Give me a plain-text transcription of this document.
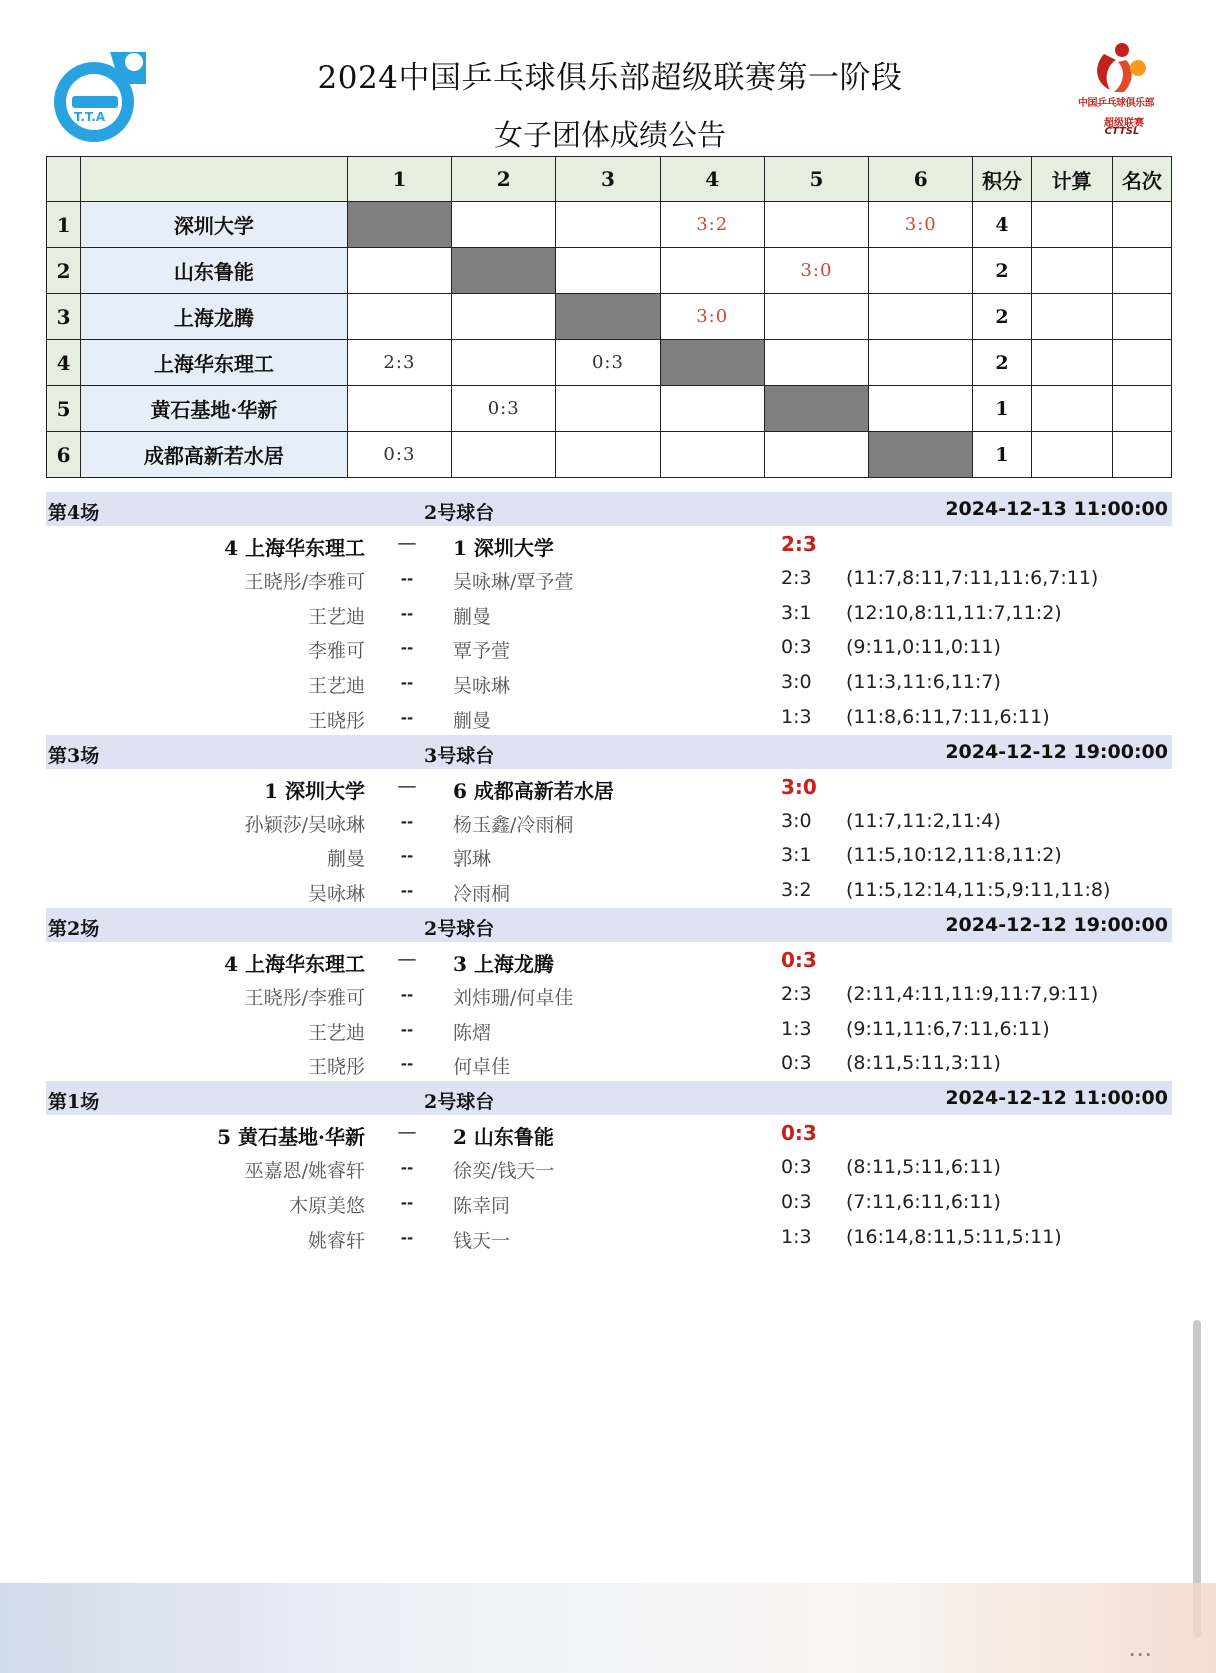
T.T.A
中国乒乓球俱乐部
超级联赛
CTTSL
2024中国乒乓球俱乐部超级联赛第一阶段
女子团体成绩公告
		1	2	3	4	5	6	积分	计算	名次
1	深圳大学				3:2		3:0	4		
2	山东鲁能					3:0		2		
3	上海龙腾				3:0			2		
4	上海华东理工	2:3		0:3				2		
5	黄石基地·华新		0:3					1		
6	成都高新若水居	0:3						1		
第4场	2号球台	2024-12-13 11:00:00
4 上海华东理工 — 1 深圳大学	2:3
王晓彤/李雅可	--	吴咏琳/覃予萱	2:3 (11:7,8:11,7:11,11:6,7:11)
王艺迪	--	蒯曼	3:1 (12:10,8:11,11:7,11:2)
李雅可	--	覃予萱	0:3 (9:11,0:11,0:11)
王艺迪	--	吴咏琳	3:0 (11:3,11:6,11:7)
王晓彤	--	蒯曼	1:3 (11:8,6:11,7:11,6:11)
第3场	3号球台	2024-12-12 19:00:00
1 深圳大学 — 6 成都高新若水居	3:0
孙颖莎/吴咏琳	--	杨玉鑫/冷雨桐	3:0 (11:7,11:2,11:4)
蒯曼	--	郭琳	3:1 (11:5,10:12,11:8,11:2)
吴咏琳	--	冷雨桐	3:2 (11:5,12:14,11:5,9:11,11:8)
第2场	2号球台	2024-12-12 19:00:00
4 上海华东理工 — 3 上海龙腾	0:3
王晓彤/李雅可	--	刘炜珊/何卓佳	2:3 (2:11,4:11,11:9,11:7,9:11)
王艺迪	--	陈熠	1:3 (9:11,11:6,7:11,6:11)
王晓彤	--	何卓佳	0:3 (8:11,5:11,3:11)
第1场	2号球台	2024-12-12 11:00:00
5 黄石基地·华新 — 2 山东鲁能	0:3
巫嘉恩/姚睿轩	--	徐奕/钱天一	0:3 (8:11,5:11,6:11)
木原美悠	--	陈幸同	0:3 (7:11,6:11,6:11)
姚睿轩	--	钱天一	1:3 (16:14,8:11,5:11,5:11)
⋯
